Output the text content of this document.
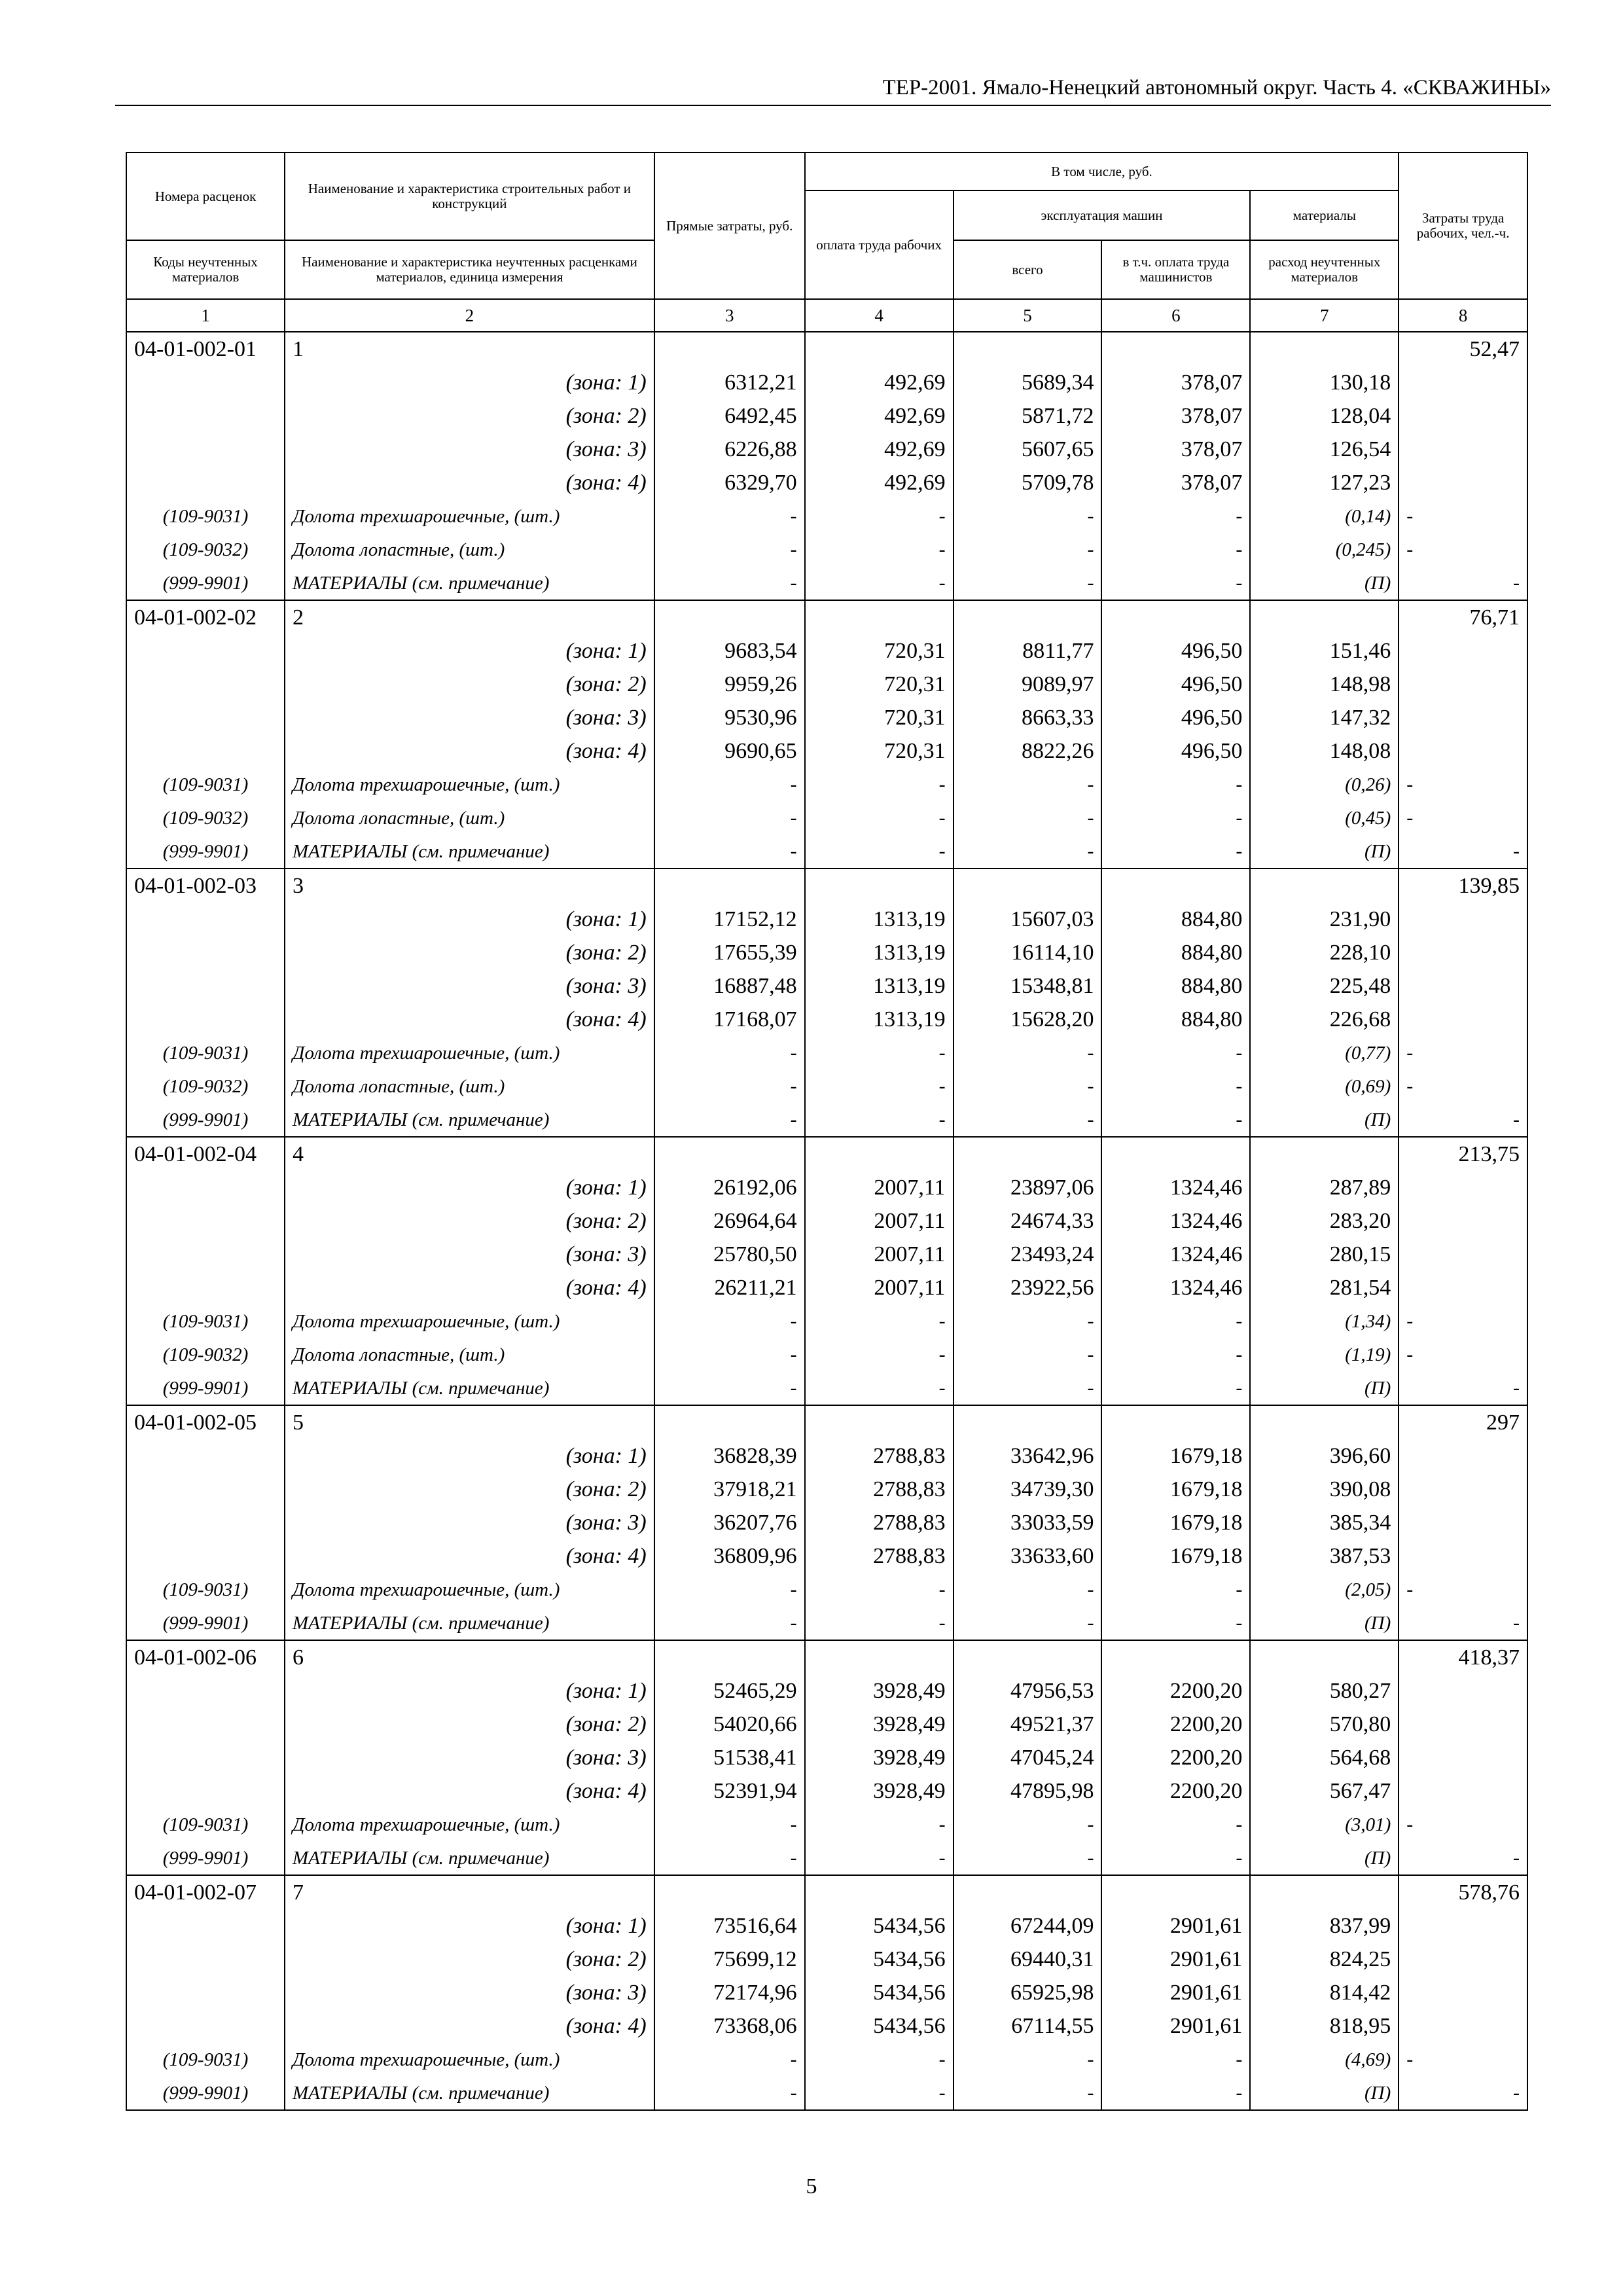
ТЕР-2001. Ямало-Ненецкий автономный округ. Часть 4. «СКВАЖИНЫ»
Номера расценок	Наименование и характеристика строительных работ и конструкций	Прямые затраты, руб.	В том числе, руб.				Затраты труда рабочих, чел.-ч.
			оплата труда рабочих	эксплуатация машин		материалы	
Коды неучтенных материалов	Наименование и характеристика неучтенных расценками материалов, единица измерения			всего	в т.ч. оплата труда машинистов	расход неучтенных материалов	
1	2	3	4	5	6	7	8
04-01-002-01	1						52,47
	(зона: 1)	6312,21	492,69	5689,34	378,07	130,18	
	(зона: 2)	6492,45	492,69	5871,72	378,07	128,04	
	(зона: 3)	6226,88	492,69	5607,65	378,07	126,54	
	(зона: 4)	6329,70	492,69	5709,78	378,07	127,23	
(109-9031)	Долота трехшарошечные, (шт.)	-	-	-	-	(0,14)	-
(109-9032)	Долота лопастные, (шт.)	-	-	-	-	(0,245)	-
(999-9901)	МАТЕРИАЛЫ (см. примечание)	-	-	-	-	(П)	-
04-01-002-02	2						76,71
	(зона: 1)	9683,54	720,31	8811,77	496,50	151,46	
	(зона: 2)	9959,26	720,31	9089,97	496,50	148,98	
	(зона: 3)	9530,96	720,31	8663,33	496,50	147,32	
	(зона: 4)	9690,65	720,31	8822,26	496,50	148,08	
(109-9031)	Долота трехшарошечные, (шт.)	-	-	-	-	(0,26)	-
(109-9032)	Долота лопастные, (шт.)	-	-	-	-	(0,45)	-
(999-9901)	МАТЕРИАЛЫ (см. примечание)	-	-	-	-	(П)	-
04-01-002-03	3						139,85
	(зона: 1)	17152,12	1313,19	15607,03	884,80	231,90	
	(зона: 2)	17655,39	1313,19	16114,10	884,80	228,10	
	(зона: 3)	16887,48	1313,19	15348,81	884,80	225,48	
	(зона: 4)	17168,07	1313,19	15628,20	884,80	226,68	
(109-9031)	Долота трехшарошечные, (шт.)	-	-	-	-	(0,77)	-
(109-9032)	Долота лопастные, (шт.)	-	-	-	-	(0,69)	-
(999-9901)	МАТЕРИАЛЫ (см. примечание)	-	-	-	-	(П)	-
04-01-002-04	4						213,75
	(зона: 1)	26192,06	2007,11	23897,06	1324,46	287,89	
	(зона: 2)	26964,64	2007,11	24674,33	1324,46	283,20	
	(зона: 3)	25780,50	2007,11	23493,24	1324,46	280,15	
	(зона: 4)	26211,21	2007,11	23922,56	1324,46	281,54	
(109-9031)	Долота трехшарошечные, (шт.)	-	-	-	-	(1,34)	-
(109-9032)	Долота лопастные, (шт.)	-	-	-	-	(1,19)	-
(999-9901)	МАТЕРИАЛЫ (см. примечание)	-	-	-	-	(П)	-
04-01-002-05	5						297
	(зона: 1)	36828,39	2788,83	33642,96	1679,18	396,60	
	(зона: 2)	37918,21	2788,83	34739,30	1679,18	390,08	
	(зона: 3)	36207,76	2788,83	33033,59	1679,18	385,34	
	(зона: 4)	36809,96	2788,83	33633,60	1679,18	387,53	
(109-9031)	Долота трехшарошечные, (шт.)	-	-	-	-	(2,05)	-
(999-9901)	МАТЕРИАЛЫ (см. примечание)	-	-	-	-	(П)	-
04-01-002-06	6						418,37
	(зона: 1)	52465,29	3928,49	47956,53	2200,20	580,27	
	(зона: 2)	54020,66	3928,49	49521,37	2200,20	570,80	
	(зона: 3)	51538,41	3928,49	47045,24	2200,20	564,68	
	(зона: 4)	52391,94	3928,49	47895,98	2200,20	567,47	
(109-9031)	Долота трехшарошечные, (шт.)	-	-	-	-	(3,01)	-
(999-9901)	МАТЕРИАЛЫ (см. примечание)	-	-	-	-	(П)	-
04-01-002-07	7						578,76
	(зона: 1)	73516,64	5434,56	67244,09	2901,61	837,99	
	(зона: 2)	75699,12	5434,56	69440,31	2901,61	824,25	
	(зона: 3)	72174,96	5434,56	65925,98	2901,61	814,42	
	(зона: 4)	73368,06	5434,56	67114,55	2901,61	818,95	
(109-9031)	Долота трехшарошечные, (шт.)	-	-	-	-	(4,69)	-
(999-9901)	МАТЕРИАЛЫ (см. примечание)	-	-	-	-	(П)	-
5
